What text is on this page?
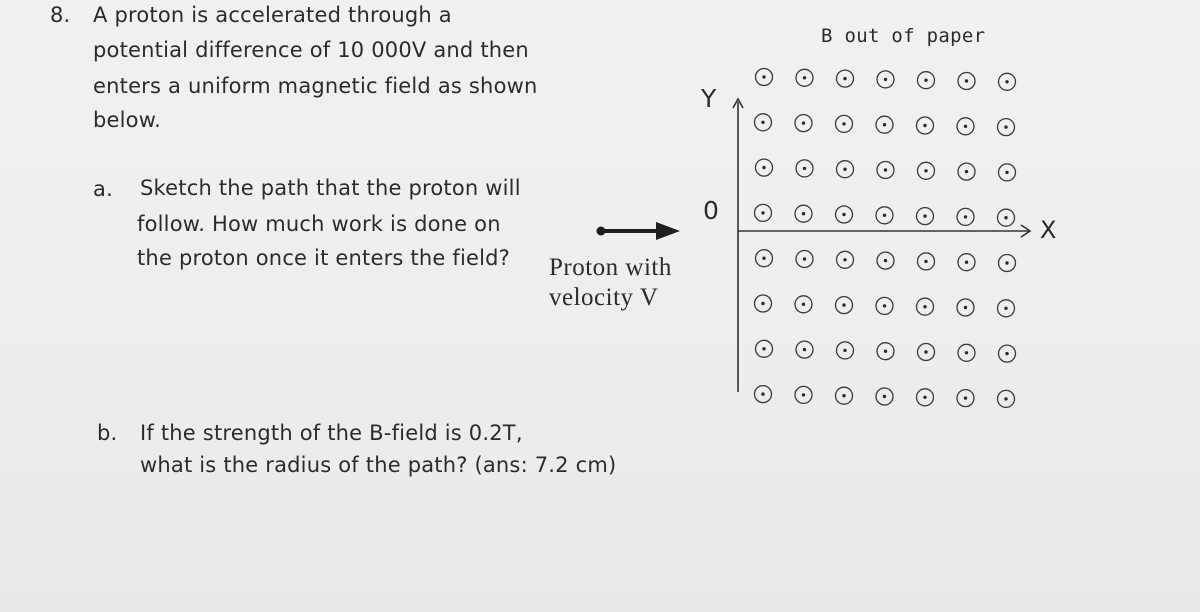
8. A proton is accelerated through a
potential difference of 10 000V and then
enters a uniform magnetic field as shown
below.
a. Sketch the path that the proton will
follow. How much work is done on
the proton once it enters the field?
b. If the strength of the B-field is 0.2T,
what is the radius of the path? (ans: 7.2 cm)
Proton with
velocity V
B out of paper
Y
X
0
